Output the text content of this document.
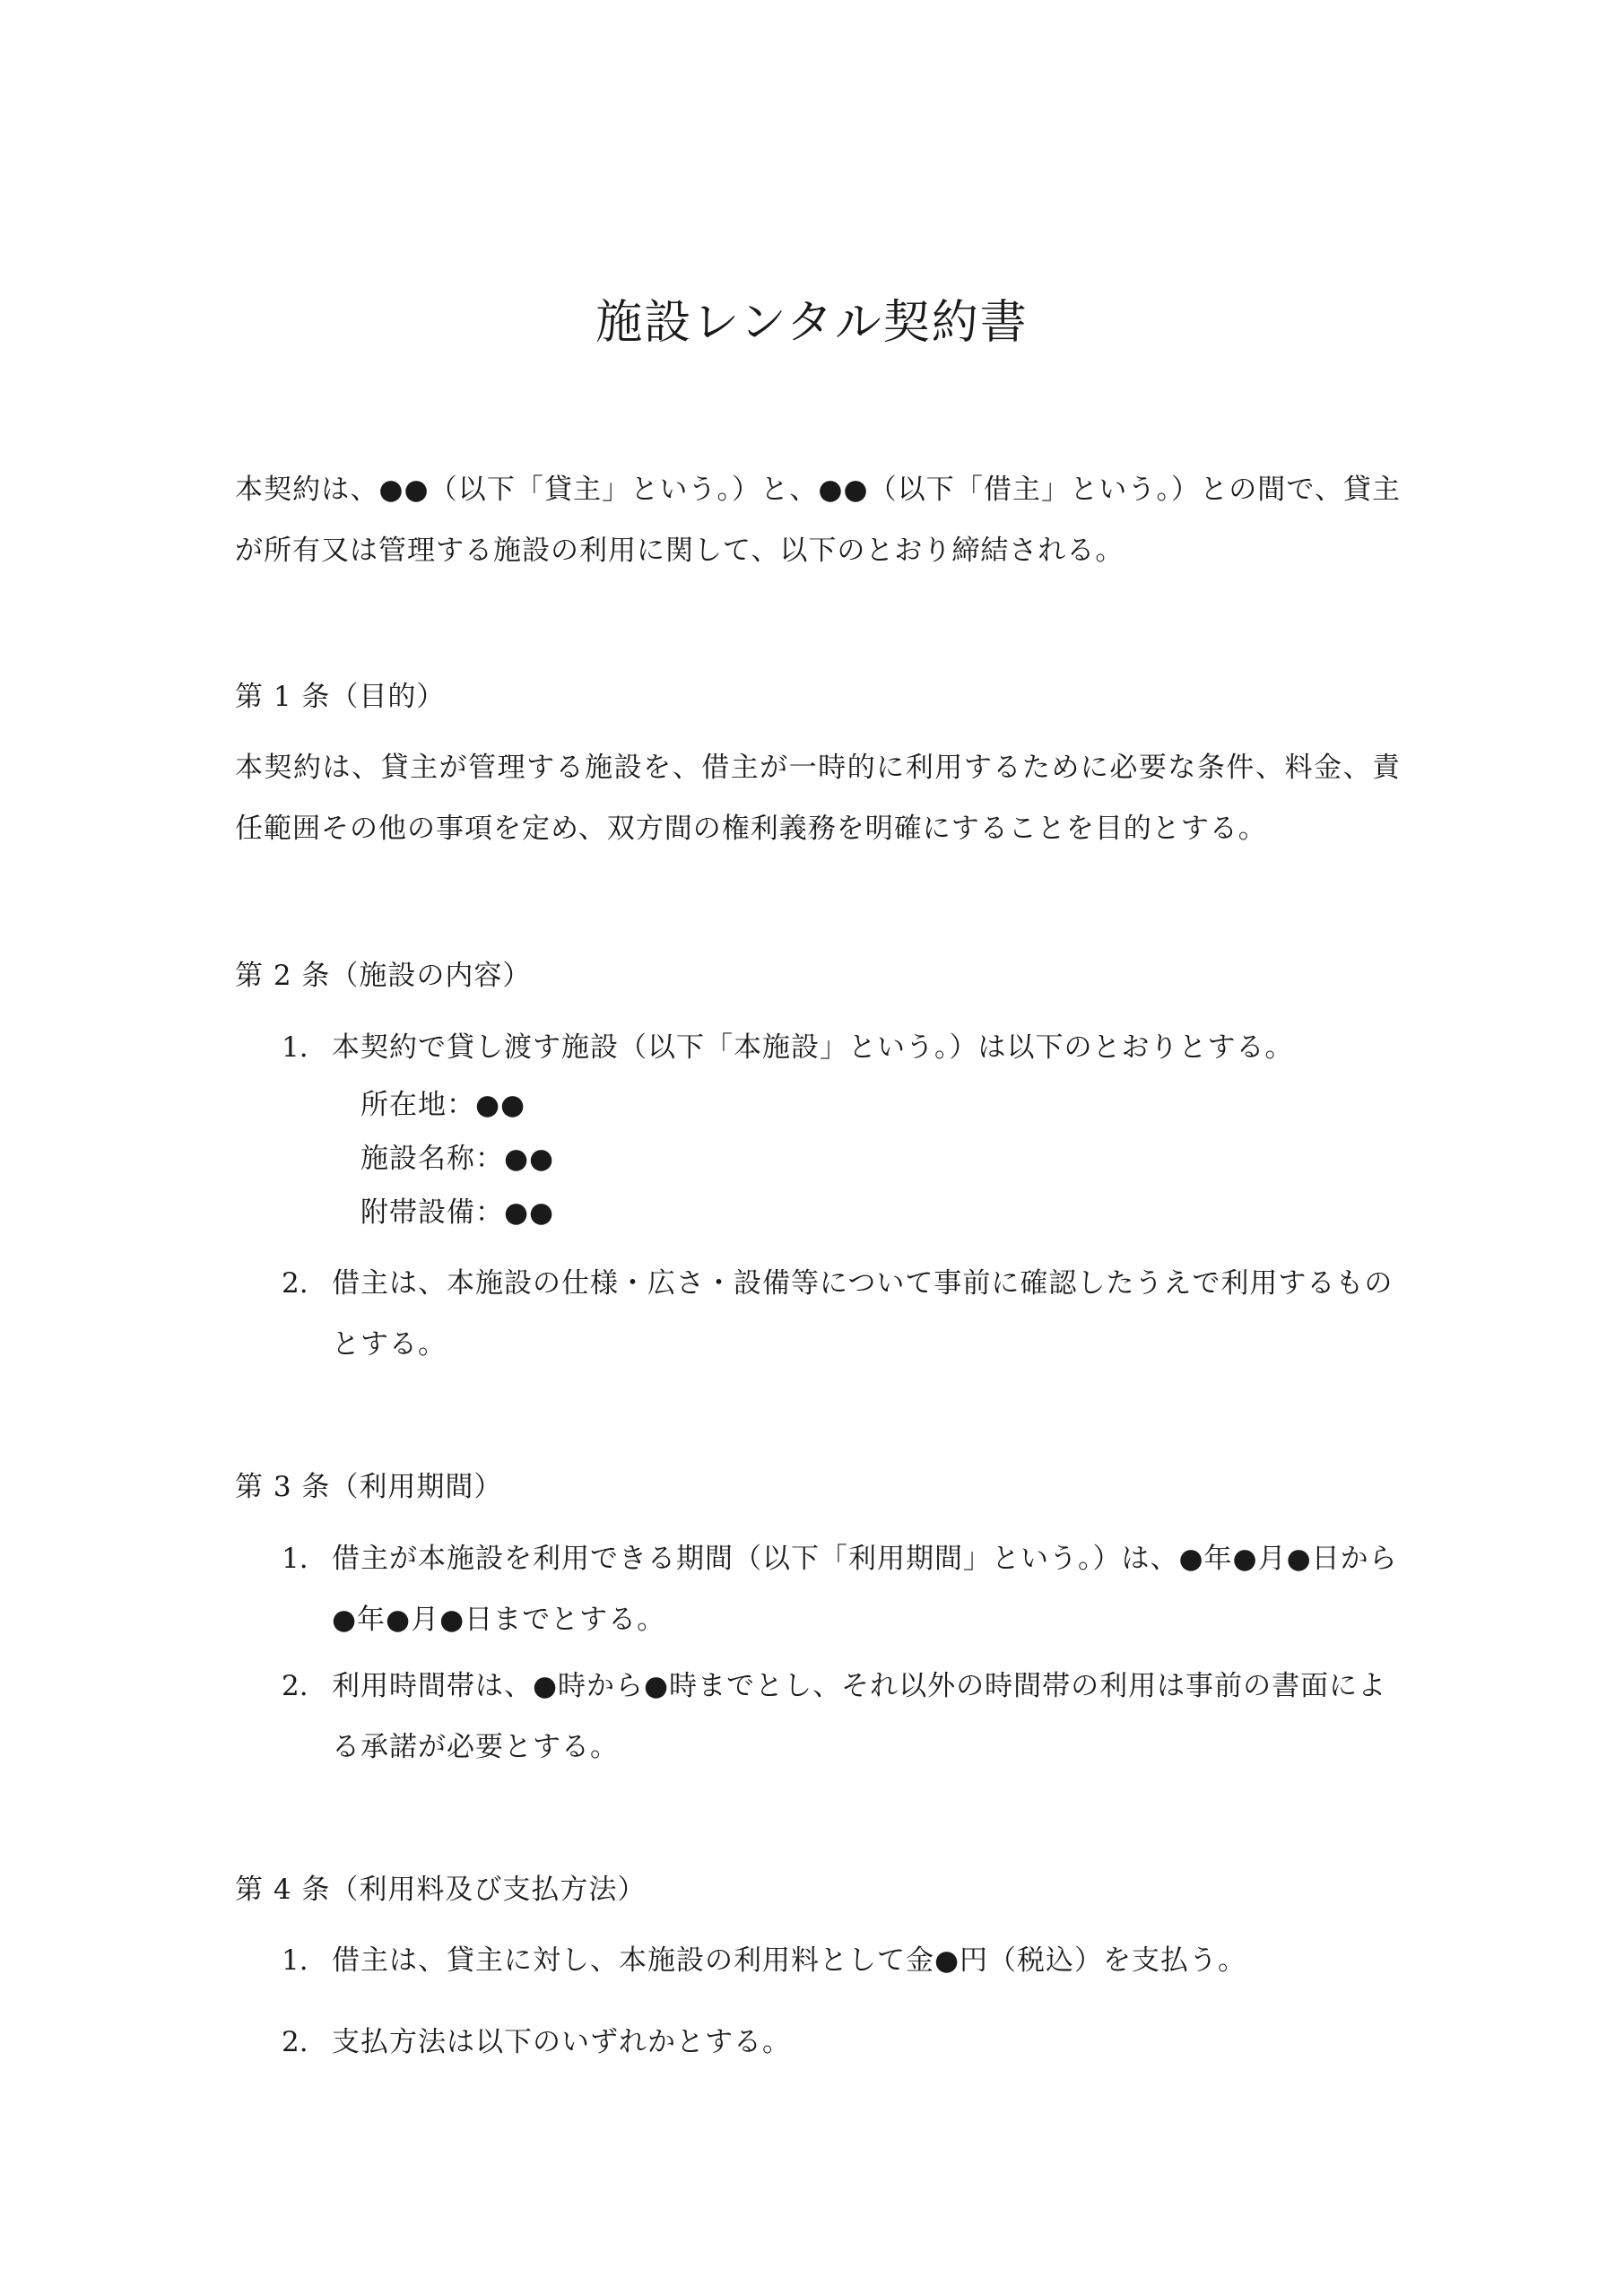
施設レンタル契約書

本契約は、●●（以下「貸主」という。）と、●●（以下「借主」という。）との間で、貸主が所有又は管理する施設の利用に関して、以下のとおり締結される。

第 1 条（目的）

本契約は、貸主が管理する施設を、借主が一時的に利用するために必要な条件、料金、責任範囲その他の事項を定め、双方間の権利義務を明確にすることを目的とする。

第 2 条（施設の内容）

1. 本契約で貸し渡す施設（以下「本施設」という。）は以下のとおりとする。

所在地：●●

施設名称：●●

附帯設備：●●

2. 借主は、本施設の仕様・広さ・設備等について事前に確認したうえで利用するものとする。

第 3 条（利用期間）

1. 借主が本施設を利用できる期間（以下「利用期間」という。）は、●年●月●日から●年●月●日までとする。
2. 利用時間帯は、●時から●時までとし、それ以外の時間帯の利用は事前の書面による承諾が必要とする。

第 4 条（利用料及び支払方法）

1. 借主は、貸主に対し、本施設の利用料として金●円（税込）を支払う。
2. 支払方法は以下のいずれかとする。
